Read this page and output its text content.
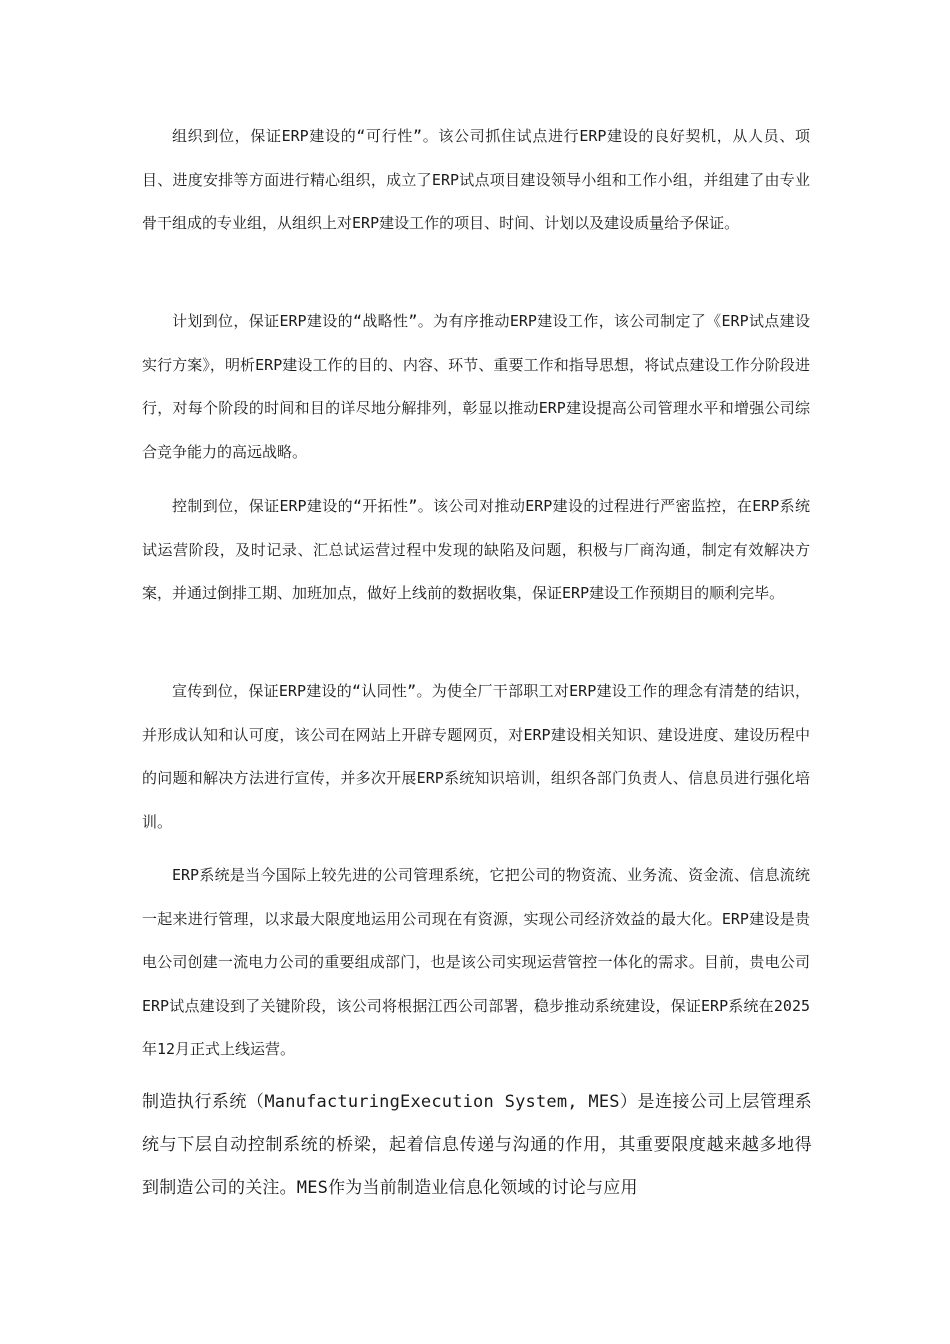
组织到位，保证ERP建设的“可行性”。该公司抓住试点进行ERP建设的良好契机，从人员、项目、进度安排等方面进行精心组织，成立了ERP试点项目建设领导小组和工作小组，并组建了由专业骨干组成的专业组，从组织上对ERP建设工作的项目、时间、计划以及建设质量给予保证。

计划到位，保证ERP建设的“战略性”。为有序推动ERP建设工作，该公司制定了《ERP试点建设实行方案》，明析ERP建设工作的目的、内容、环节、重要工作和指导思想，将试点建设工作分阶段进行，对每个阶段的时间和目的详尽地分解排列，彰显以推动ERP建设提高公司管理水平和增强公司综合竞争能力的高远战略。

控制到位，保证ERP建设的“开拓性”。该公司对推动ERP建设的过程进行严密监控，在ERP系统试运营阶段，及时记录、汇总试运营过程中发现的缺陷及问题，积极与厂商沟通，制定有效解决方案，并通过倒排工期、加班加点，做好上线前的数据收集，保证ERP建设工作预期目的顺利完毕。

宣传到位，保证ERP建设的“认同性”。为使全厂干部职工对ERP建设工作的理念有清楚的结识，并形成认知和认可度，该公司在网站上开辟专题网页，对ERP建设相关知识、建设进度、建设历程中的问题和解决方法进行宣传，并多次开展ERP系统知识培训，组织各部门负责人、信息员进行强化培训。

ERP系统是当今国际上较先进的公司管理系统，它把公司的物资流、业务流、资金流、信息流统一起来进行管理，以求最大限度地运用公司现在有资源，实现公司经济效益的最大化。ERP建设是贵电公司创建一流电力公司的重要组成部门，也是该公司实现运营管控一体化的需求。目前，贵电公司ERP试点建设到了关键阶段，该公司将根据江西公司部署，稳步推动系统建设，保证ERP系统在2025年12月正式上线运营。

制造执行系统（ManufacturingExecution System, MES）是连接公司上层管理系统与下层自动控制系统的桥梁，起着信息传递与沟通的作用，其重要限度越来越多地得到制造公司的关注。MES作为当前制造业信息化领域的讨论与应用
